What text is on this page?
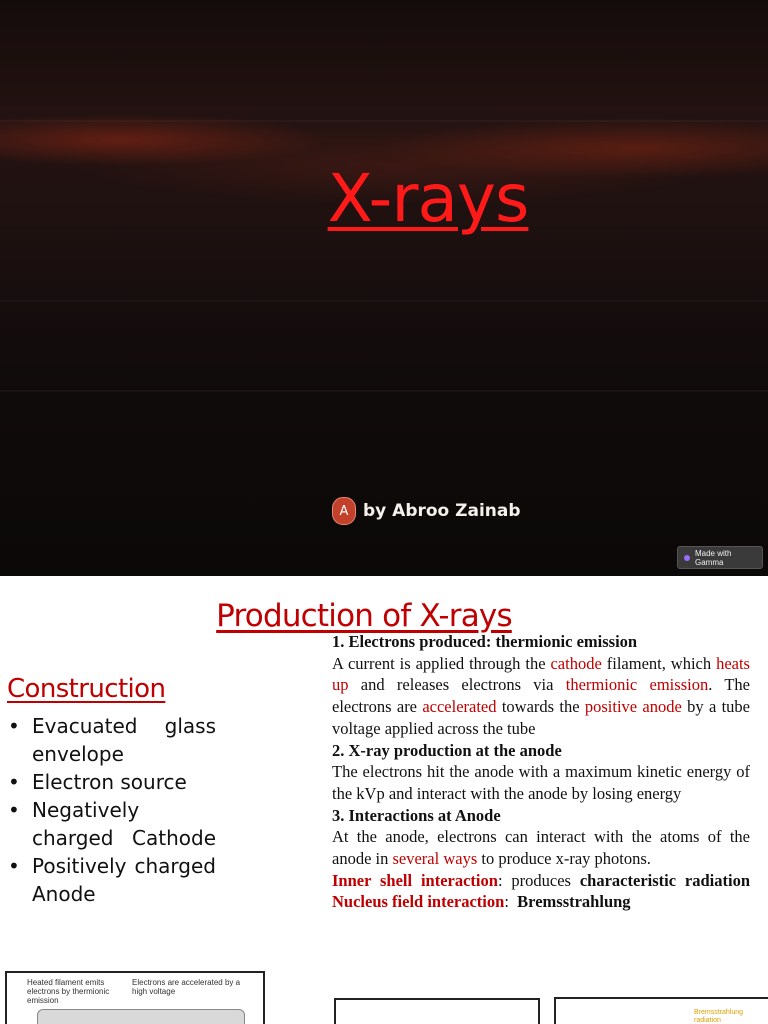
X-rays
A by Abroo Zainab
Made with Gamma
Production of X-rays
Construction
• Evacuated glass envelope
• Electron source
• Negatively charged Cathode
• Positively charged Anode

1. Electrons produced: thermionic emission

A current is applied through the cathode filament, which heats up and releases electrons via thermionic emission. The electrons are accelerated towards the positive anode by a tube voltage applied across the tube

2. X-ray production at the anode

The electrons hit the anode with a maximum kinetic energy of the kVp and interact with the anode by losing energy

3. Interactions at Anode

At the anode, electrons can interact with the atoms of the anode in several ways to produce x-ray photons.

Inner shell interaction: produces characteristic radiation

Nucleus field interaction: Bremsstrahlung

Heated filament emits electrons by thermionic emission
Electrons are accelerated by a high voltage
Bremsstrahlung radiation
